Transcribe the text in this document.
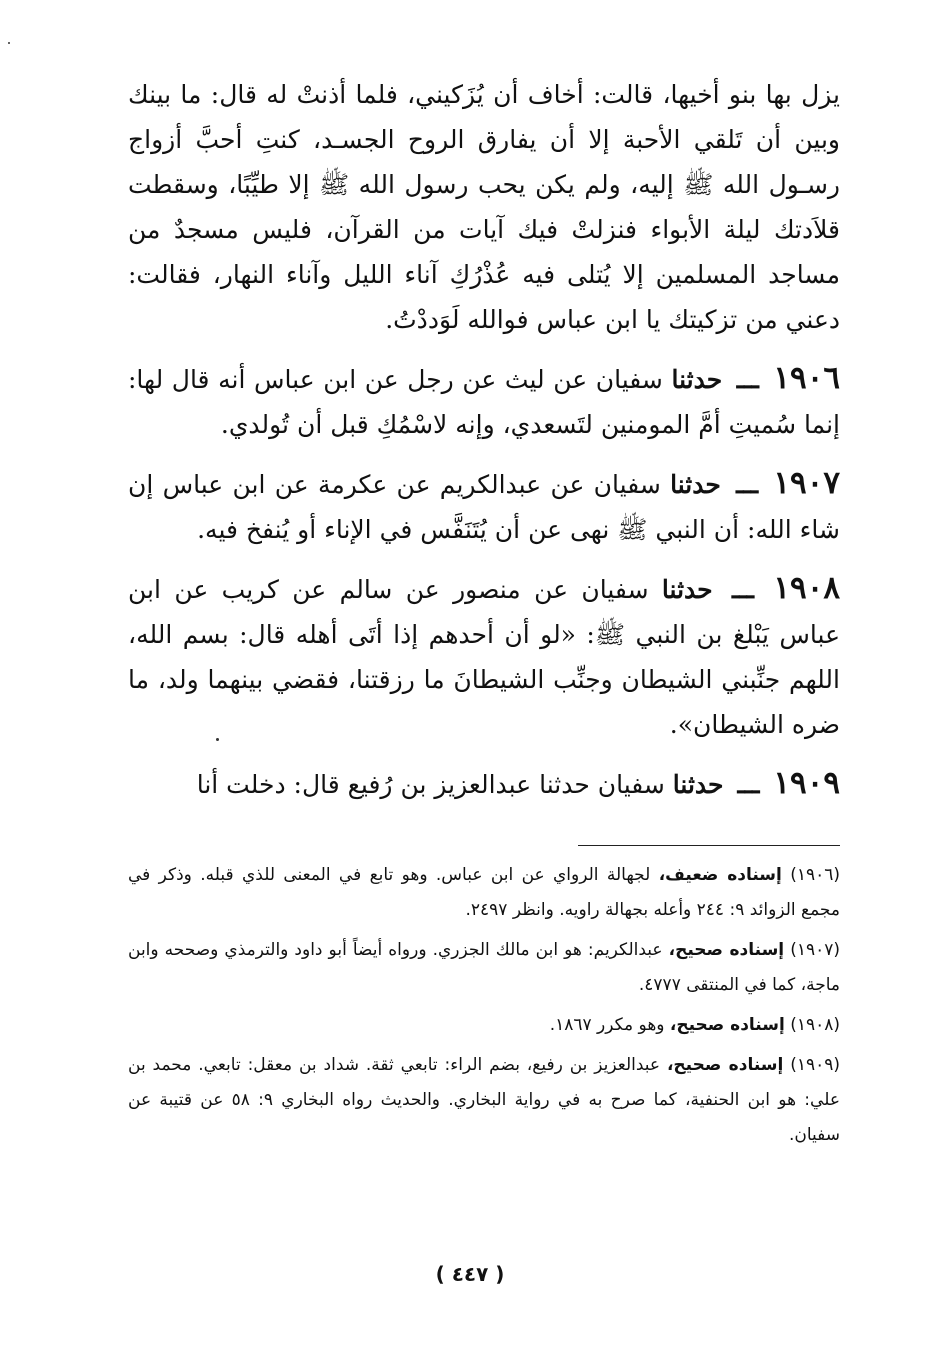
يزل بها بنو أخيها، قالت: أخاف أن يُزَكيني، فلما أذنتْ له قال: ما بينك وبين أن تَلقي الأحبة إلا أن يفارق الروح الجسـد، كنتِ أحبَّ أزواج رسـول الله ﷺ إليه، ولم يكن يحب رسول الله ﷺ إلا طيِّبًا، وسقطت قلاَدتك ليلة الأبواء فنزلتْ فيك آيات من القرآن، فليس مسجدٌ من مساجد المسلمين إلا يُتلى فيه عُذْرُكِ آناء الليل وآناء النهار، فقالت: دعني من تزكيتك يا ابن عباس فوالله لَوَددْتُ.

١٩٠٦ ـــ حدثنا سفيان عن ليث عن رجل عن ابن عباس أنه قال لها: إنما سُميتِ أمَّ المومنين لتَسعدي، وإنه لاسْمُكِ قبل أن تُولدي.

١٩٠٧ ـــ حدثنا سفيان عن عبدالكريم عن عكرمة عن ابن عباس إن شاء الله: أن النبي ﷺ نهى عن أن يُتَنَفَّس في الإناء أو يُنفخ فيه.

١٩٠٨ ـــ حدثنا سفيان عن منصور عن سالم عن كريب عن ابن عباس يَبْلغ بن النبي ﷺ: «لو أن أحدهم إذا أتَى أهله قال: بسم الله، اللهم جنِّبني الشيطان وجنِّب الشيطانَ ما رزقتنا، فقضي بينهما ولد، ما ضره الشيطان».

١٩٠٩ ـــ حدثنا سفيان حدثنا عبدالعزيز بن رُفيع قال: دخلت أنا

(١٩٠٦) إسناده ضعيف، لجهالة الرواي عن ابن عباس. وهو تابع في المعنى للذي قبله. وذكر في مجمع الزوائد ٩: ٢٤٤ وأعله بجهالة راويه. وانظر ٢٤٩٧.

(١٩٠٧) إسناده صحيح، عبدالكريم: هو ابن مالك الجزري. ورواه أيضاً أبو داود والترمذي وصححه وابن ماجة، كما في المنتقى ٤٧٧٧.

(١٩٠٨) إسناده صحيح، وهو مكرر ١٨٦٧.

(١٩٠٩) إسناده صحيح، عبدالعزيز بن رفيع، بضم الراء: تابعي ثقة. شداد بن معقل: تابعي. محمد بن علي: هو ابن الحنفية، كما صرح به في رواية البخاري. والحديث رواه البخاري ٩: ٥٨ عن قتيبة عن سفيان.

( ٤٤٧ )
